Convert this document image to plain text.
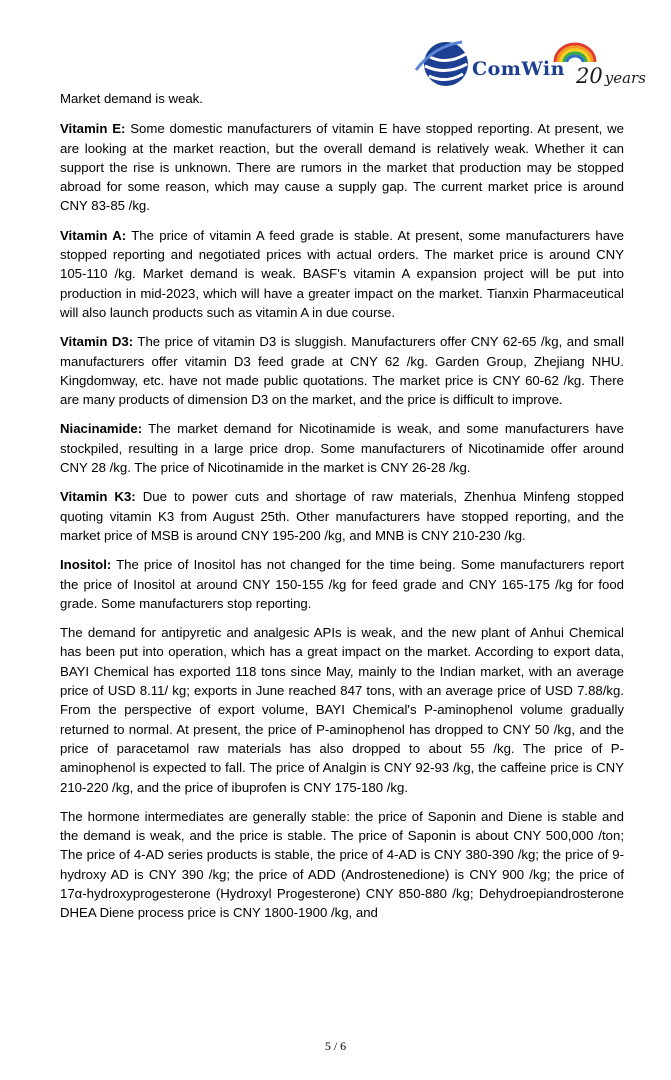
ComWin 20 years

Market demand is weak.

Vitamin E: Some domestic manufacturers of vitamin E have stopped reporting. At present, we are looking at the market reaction, but the overall demand is relatively weak. Whether it can support the rise is unknown. There are rumors in the market that production may be stopped abroad for some reason, which may cause a supply gap. The current market price is around CNY 83-85 /kg.

Vitamin A: The price of vitamin A feed grade is stable. At present, some manufacturers have stopped reporting and negotiated prices with actual orders. The market price is around CNY 105-110 /kg. Market demand is weak. BASF's vitamin A expansion project will be put into production in mid-2023, which will have a greater impact on the market. Tianxin Pharmaceutical will also launch products such as vitamin A in due course.

Vitamin D3: The price of vitamin D3 is sluggish. Manufacturers offer CNY 62-65 /kg, and small manufacturers offer vitamin D3 feed grade at CNY 62 /kg. Garden Group, Zhejiang NHU. Kingdomway, etc. have not made public quotations. The market price is CNY 60-62 /kg. There are many products of dimension D3 on the market, and the price is difficult to improve.

Niacinamide: The market demand for Nicotinamide is weak, and some manufacturers have stockpiled, resulting in a large price drop. Some manufacturers of Nicotinamide offer around CNY 28 /kg. The price of Nicotinamide in the market is CNY 26-28 /kg.

Vitamin K3: Due to power cuts and shortage of raw materials, Zhenhua Minfeng stopped quoting vitamin K3 from August 25th. Other manufacturers have stopped reporting, and the market price of MSB is around CNY 195-200 /kg, and MNB is CNY 210-230 /kg.

Inositol: The price of Inositol has not changed for the time being. Some manufacturers report the price of Inositol at around CNY 150-155 /kg for feed grade and CNY 165-175 /kg for food grade. Some manufacturers stop reporting.

The demand for antipyretic and analgesic APIs is weak, and the new plant of Anhui Chemical has been put into operation, which has a great impact on the market. According to export data, BAYI Chemical has exported 118 tons since May, mainly to the Indian market, with an average price of USD 8.11/ kg; exports in June reached 847 tons, with an average price of USD 7.88/kg. From the perspective of export volume, BAYI Chemical's P-aminophenol volume gradually returned to normal. At present, the price of P-aminophenol has dropped to CNY 50 /kg, and the price of paracetamol raw materials has also dropped to about 55 /kg. The price of P-aminophenol is expected to fall. The price of Analgin is CNY 92-93 /kg, the caffeine price is CNY 210-220 /kg, and the price of ibuprofen is CNY 175-180 /kg.

The hormone intermediates are generally stable: the price of Saponin and Diene is stable and the demand is weak, and the price is stable. The price of Saponin is about CNY 500,000 /ton; The price of 4-AD series products is stable, the price of 4-AD is CNY 380-390 /kg; the price of 9-hydroxy AD is CNY 390 /kg; the price of ADD (Androstenedione) is CNY 900 /kg; the price of 17α-hydroxyprogesterone (Hydroxyl Progesterone) CNY 850-880 /kg; Dehydroepiandrosterone DHEA Diene process price is CNY 1800-1900 /kg, and

5 / 6
